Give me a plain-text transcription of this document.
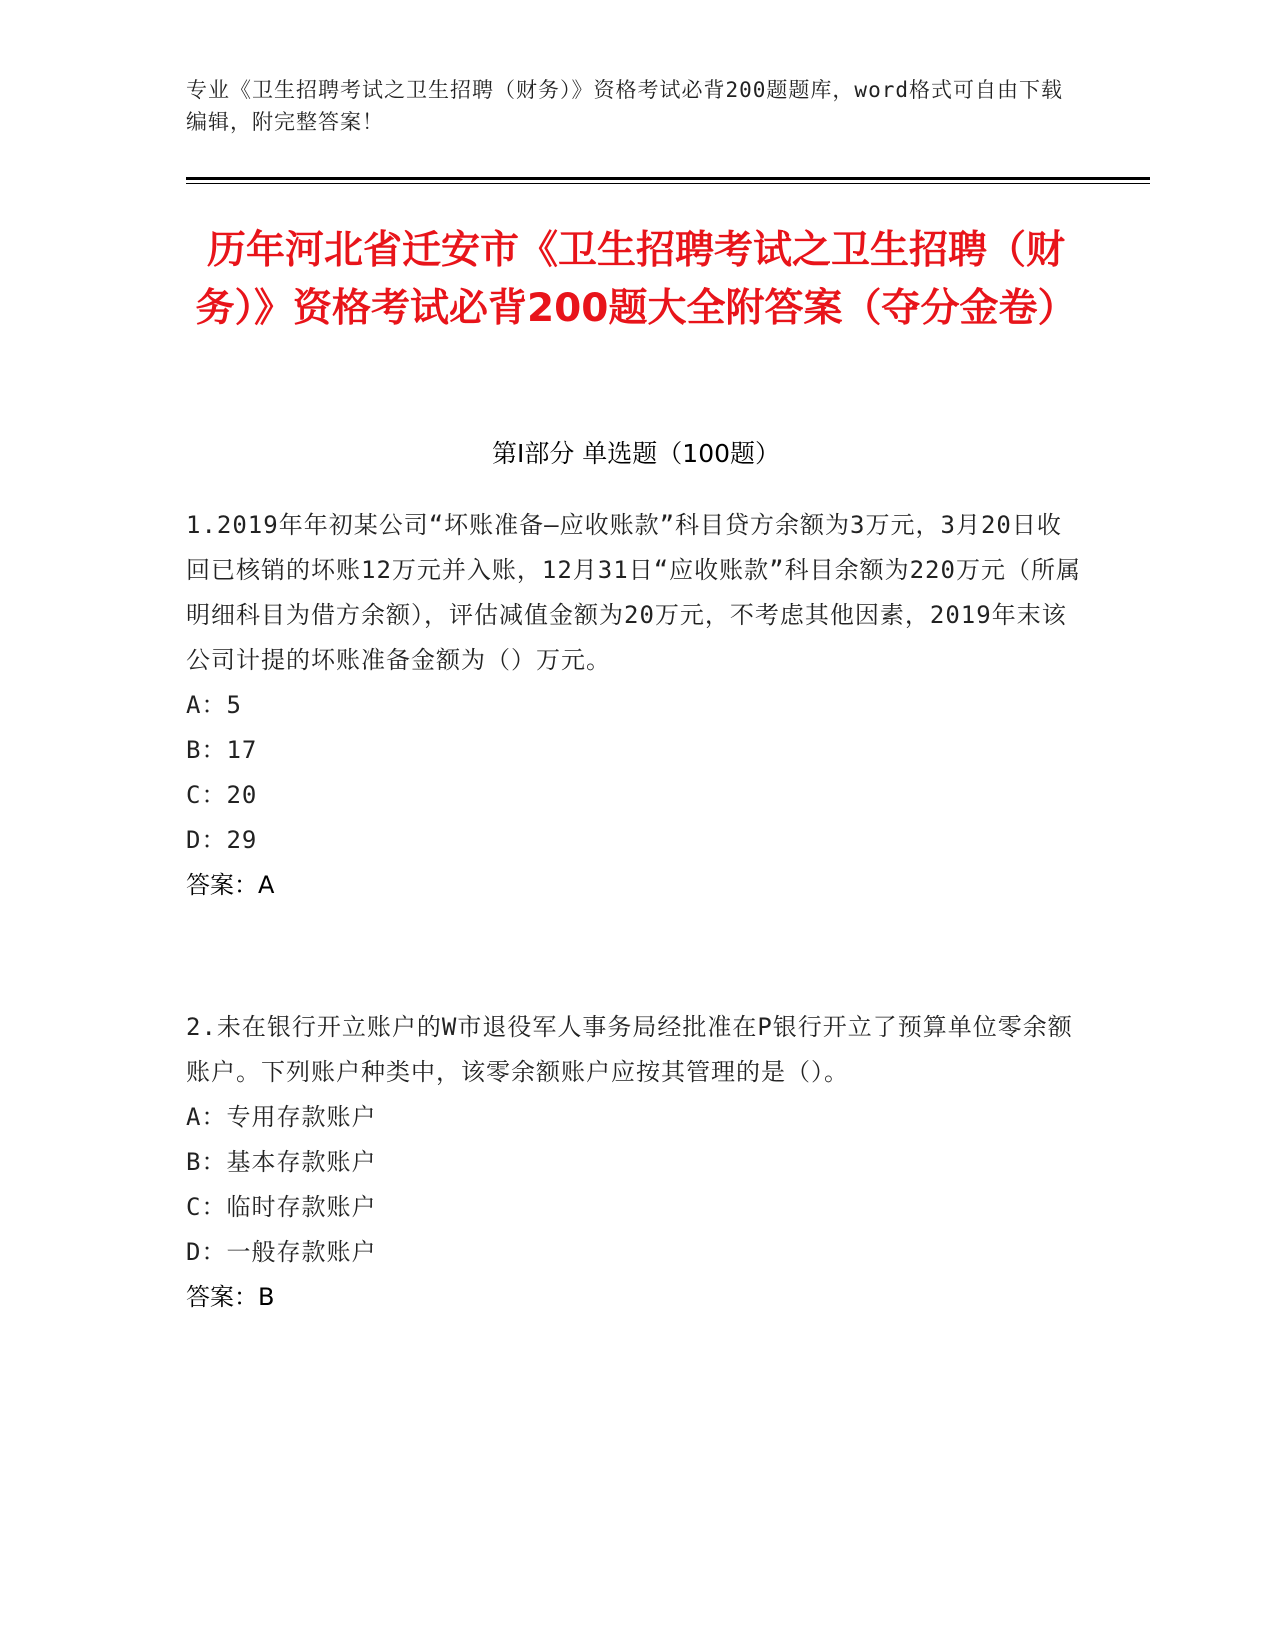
专业《卫生招聘考试之卫生招聘（财务）》资格考试必背200题题库，word格式可自由下载编辑，附完整答案！
历年河北省迁安市《卫生招聘考试之卫生招聘（财务）》资格考试必背200题大全附答案（夺分金卷）
第I部分 单选题（100题）
1.2019年年初某公司“坏账准备—应收账款”科目贷方余额为3万元，3月20日收回已核销的坏账12万元并入账，12月31日“应收账款”科目余额为220万元（所属明细科目为借方余额），评估减值金额为20万元，不考虑其他因素，2019年末该公司计提的坏账准备金额为（）万元。
A：5
B：17
C：20
D：29
答案：A
2.未在银行开立账户的W市退役军人事务局经批准在P银行开立了预算单位零余额账户。下列账户种类中，该零余额账户应按其管理的是（）。
A：专用存款账户
B：基本存款账户
C：临时存款账户
D：一般存款账户
答案：B
